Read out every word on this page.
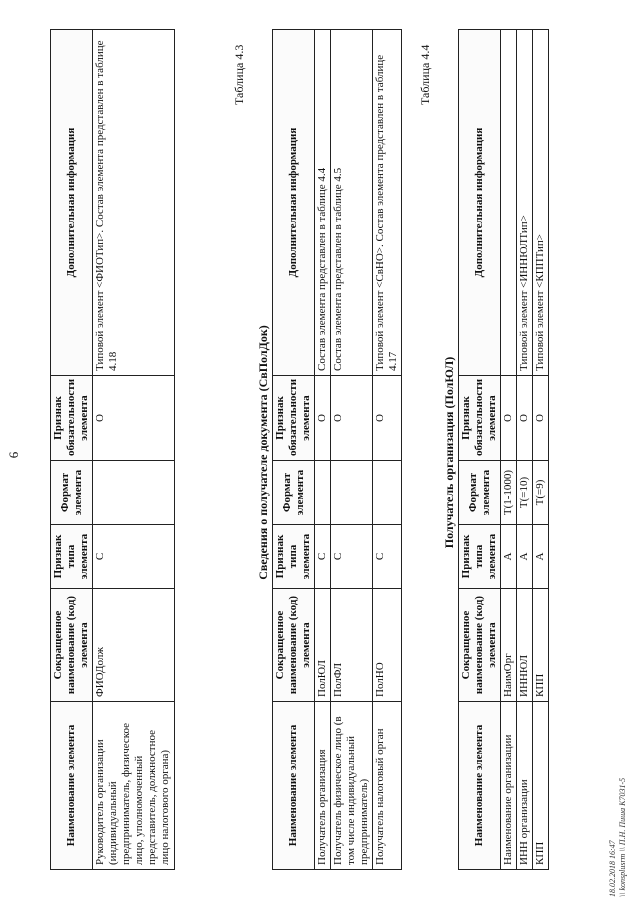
6
Наименование элемента	Сокращенное наименование (код) элемента	Признак типа элемента	Формат элемента	Признак обязательности элемента	Дополнительная информация
Руководитель организации (индивидуальный предприниматель, физическое лицо, уполномоченный представитель, должностное лицо налогового органа)	ФИОДолж	С		О	Типовой элемент <ФИОТип>. Состав элемента представлен в таблице 4.18
Таблица 4.3
Сведения о получателе документа (СвПолДок)
Наименование элемента	Сокращенное наименование (код) элемента	Признак типа элемента	Формат элемента	Признак обязательности элемента	Дополнительная информация
Получатель организация	ПолЮЛ	С		О	Состав элемента представлен в таблице 4.4
Получатель физическое лицо (в том числе индивидуальный предприниматель)	ПолФЛ	С		О	Состав элемента представлен в таблице 4.5
Получатель налоговый орган	ПолНО	С		О	Типовой элемент <СвНО>. Состав элемента представлен в таблице 4.17
Таблица 4.4
Получатель организация (ПолЮЛ)
Наименование элемента	Сокращенное наименование (код) элемента	Признак типа элемента	Формат элемента	Признак обязательности элемента	Дополнительная информация
Наименование организации	НаимОрг	А	T(1-1000)	О	
ИНН организации	ИННЮЛ	А	T(=10)	О	Типовой элемент <ИННЮЛТип>
КПП	КПП	А	T(=9)	О	Типовой элемент <КППТип>
18.02.2018 16:47 \\ konsplusrm \\ П.Н. Пиша К7031-5
